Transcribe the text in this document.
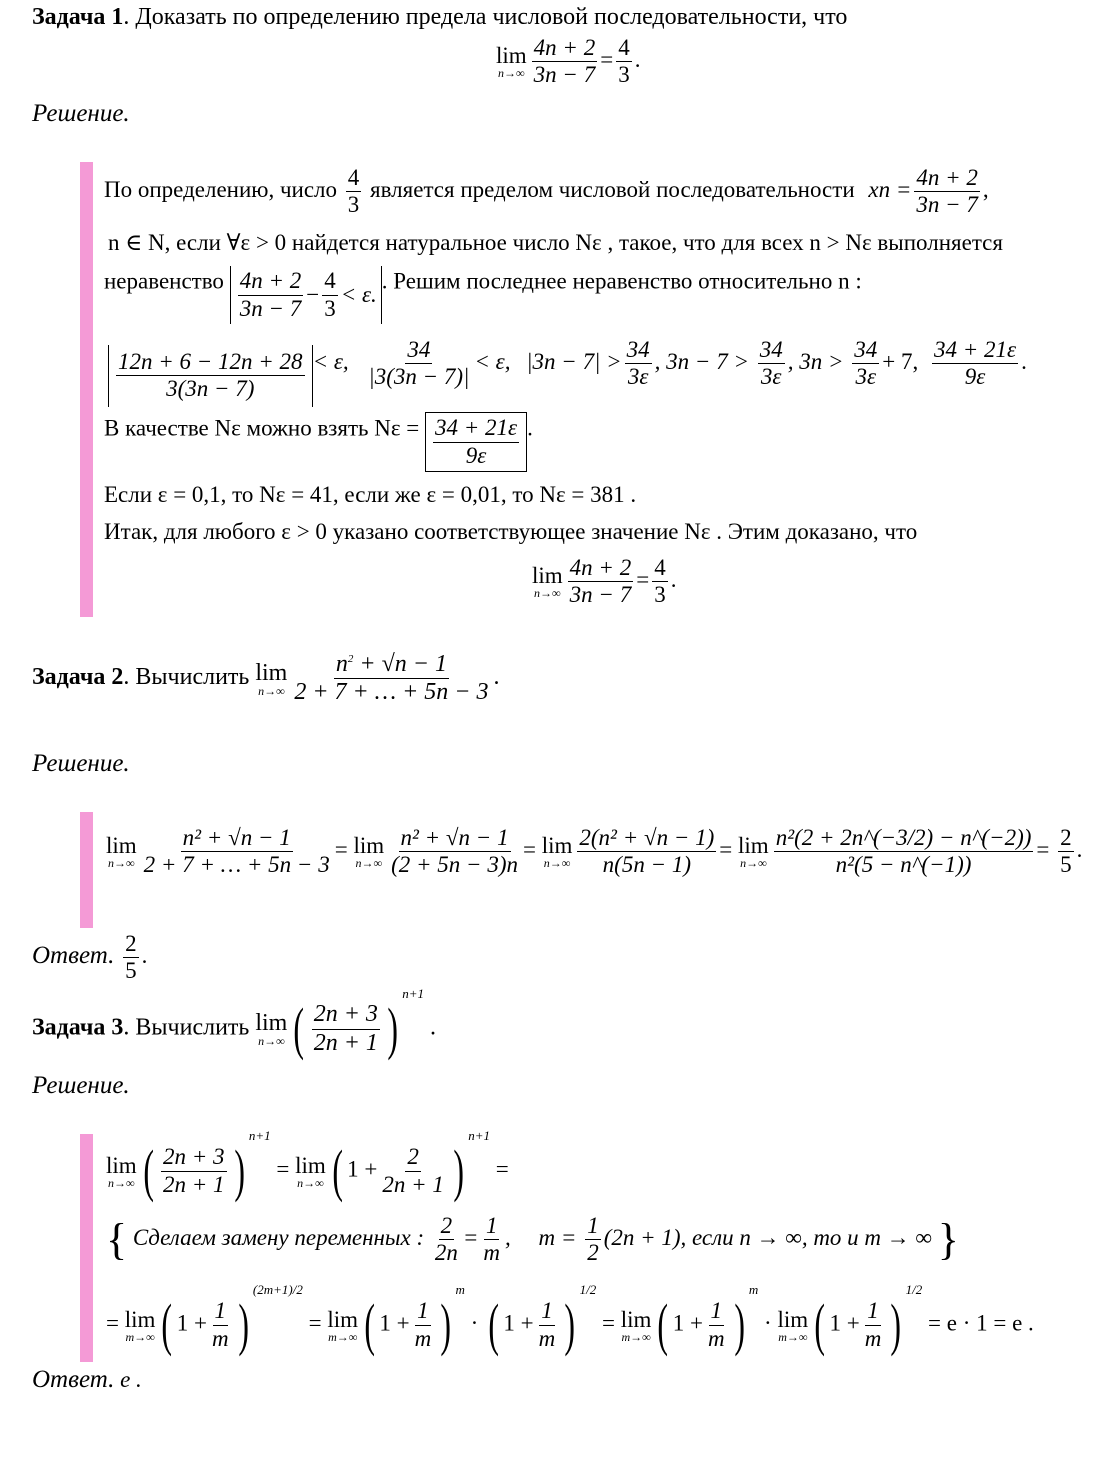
Задача 1. Доказать по определению предела числовой последовательности, что
lim
$n\to\infty \frac{4n + 2}{3n - 7} = \frac{4}{3}$ .
Решение.
По определению, число $\frac{4}{3}$ является пределом числовой последовательности xn = $\frac{4n + 2}{3n - 7}$ ,
n ∈ N, если ∀ε > 0 найдется натуральное число Nε , такое, что для всех n > Nε выполняется
неравенство $\frac{4n + 2}{3n - 7} - \frac{4}{3} < \varepsilon$.
. Решим последнее неравенство относительно n :
$\frac{12n + 6 - 12n + 28}{3(3n - 7)} < \varepsilon$, $\frac{34}{|3(3n - 7)|} < \varepsilon$, $|3n - 7| > \frac{34}{3\varepsilon}$ , $3n - 7 > \frac{34}{3\varepsilon}$ , $3n > \frac{34}{3\varepsilon} + 7$, $\frac{34 + 21\varepsilon}{9\varepsilon}$ .
В качестве Nε можно взять $N\varepsilon = \frac{34 + 21\varepsilon}{9\varepsilon}$ .
Если ε = 0,1, то Nε = 41, если же ε = 0,01, то Nε = 381 .
Итак, для любого ε > 0 указано соответствующее значение Nε . Этим доказано, что
lim
$n\to\infty \frac{4n + 2}{3n - 7} = \frac{4}{3}$ .
Задача 2. Вычислить lim
$n\to\infty \frac{n^2 + √n - 1}{2 + 7 + \dots + 5n - 3}$ .
Решение.
lim
$n\to\infty \frac{\text{n² + √n − 1}}{2 + 7 + \dots + 5n - 3} = \lim$
$n\to\infty \frac{\text{n² + √n − 1}}{(2 + 5n - 3)n} = \lim$
$n\to\infty \frac{\text{2(n² + √n − 1)}}{n(5n - 1)} = \lim$
$n\to\infty \frac{\text{n²(2 + 2n\textasciicircum{}(−3/2) − n\textasciicircum{}(−2))}}{\text{n²(5 − n\textasciicircum{}(−1))}} = \frac{2}{5}$ .
Ответ. $\frac{2}{5}$ .
Задача 3. Вычислить lim
n→∞ ( $\frac{2n + 3}{2n + 1} )^{n+1}$ .
Решение.
lim
n→∞ ( $\frac{2n + 3}{2n + 1} )^{n+1} = \lim$
n→∞ ( $1 + \frac{2}{2n + 1} )^{n+1}$ =
{ Сделаем замену переменных : $\frac{2}{2n} = \frac{1}{m}$ , $m = \frac{1}{2} (2n + 1)$, если n → ∞, то и m → ∞ }
= lim
m→∞ ( $1 + \frac{1}{m} )^{(2m+1)/2} = \lim$
m→∞ ( $1 + \frac{1}{m} )^m$ · ( $1 + \frac{1}{m} )^{1/2} = \lim$
m→∞ ( $1 + \frac{1}{m} )^m \cdot \lim$
m→∞ ( $1 + \frac{1}{m} )^{1/2} = e \cdot 1 = e$ .
Ответ. e .
